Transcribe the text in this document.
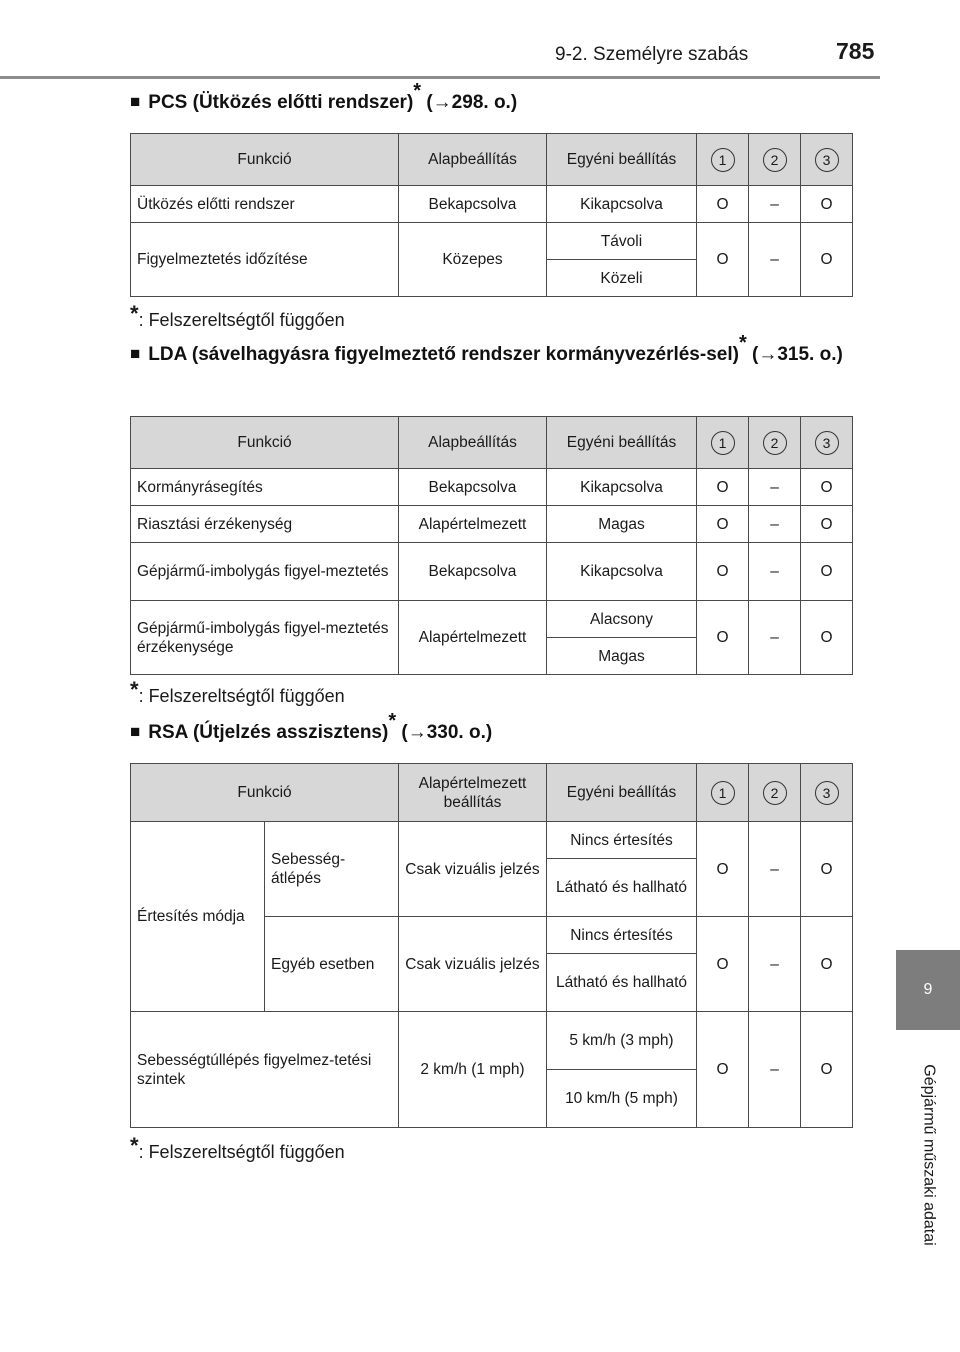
9-2. Személyre szabás	785
9
Gépjármű műszaki adatai
■ PCS (Ütközés előtti rendszer)* (→298. o.)
Funkció	Alapbeállítás	Egyéni beállítás	1	2	3
Ütközés előtti rendszer	Bekapcsolva	Kikapcsolva	O	–	O
Figyelmeztetés időzítése	Közepes	Távoli	O	–	O
		Közeli			
*: Felszereltségtől függően
■ LDA (sávelhagyásra figyelmeztető rendszer kormányvezérlés-sel)* (→315. o.)
Funkció	Alapbeállítás	Egyéni beállítás	1	2	3
Kormányrásegítés	Bekapcsolva	Kikapcsolva	O	–	O
Riasztási érzékenység	Alapértelmezett	Magas	O	–	O
Gépjármű-imbolygás figyel-meztetés	Bekapcsolva	Kikapcsolva	O	–	O
Gépjármű-imbolygás figyel-meztetés érzékenysége	Alapértelmezett	Alacsony	O	–	O
		Magas			
*: Felszereltségtől függően
■ RSA (Útjelzés asszisztens)* (→330. o.)
Funkció		Alapértelmezett beállítás	Egyéni beállítás	1	2	3
Értesítés módja	Sebesség-átlépés	Csak vizuális jelzés	Nincs értesítés	O	–	O
			Látható és hallható			
	Egyéb esetben	Csak vizuális jelzés	Nincs értesítés	O	–	O
			Látható és hallható			
Sebességtúllépés figyelmez-tetési szintek		2 km/h (1 mph)	5 km/h (3 mph)	O	–	O
			10 km/h (5 mph)			
*: Felszereltségtől függően
